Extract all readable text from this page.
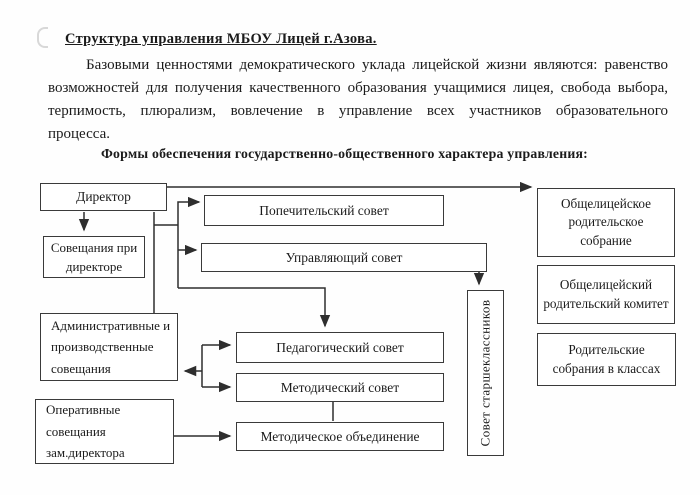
Структура управления МБОУ Лицей г.Азова.

Базовыми ценностями демократического уклада лицейской жизни являются: равенство возможностей для получения качественного образования учащимися лицея, свобода выбора, терпимость, плюрализм, вовлечение в управление всех участников образовательного процесса.

Формы обеспечения государственно-общественного характера управления:
Директор
Совещания при директоре
Административные и производственные совещания
Оперативные совещания зам.директора
Попечительский совет
Управляющий совет
Педагогический совет
Методический совет
Методическое объединение	Совет старшеклассников
Общелицейское родительское собрание
Общелицейский родительский комитет
Родительские собрания в классах
